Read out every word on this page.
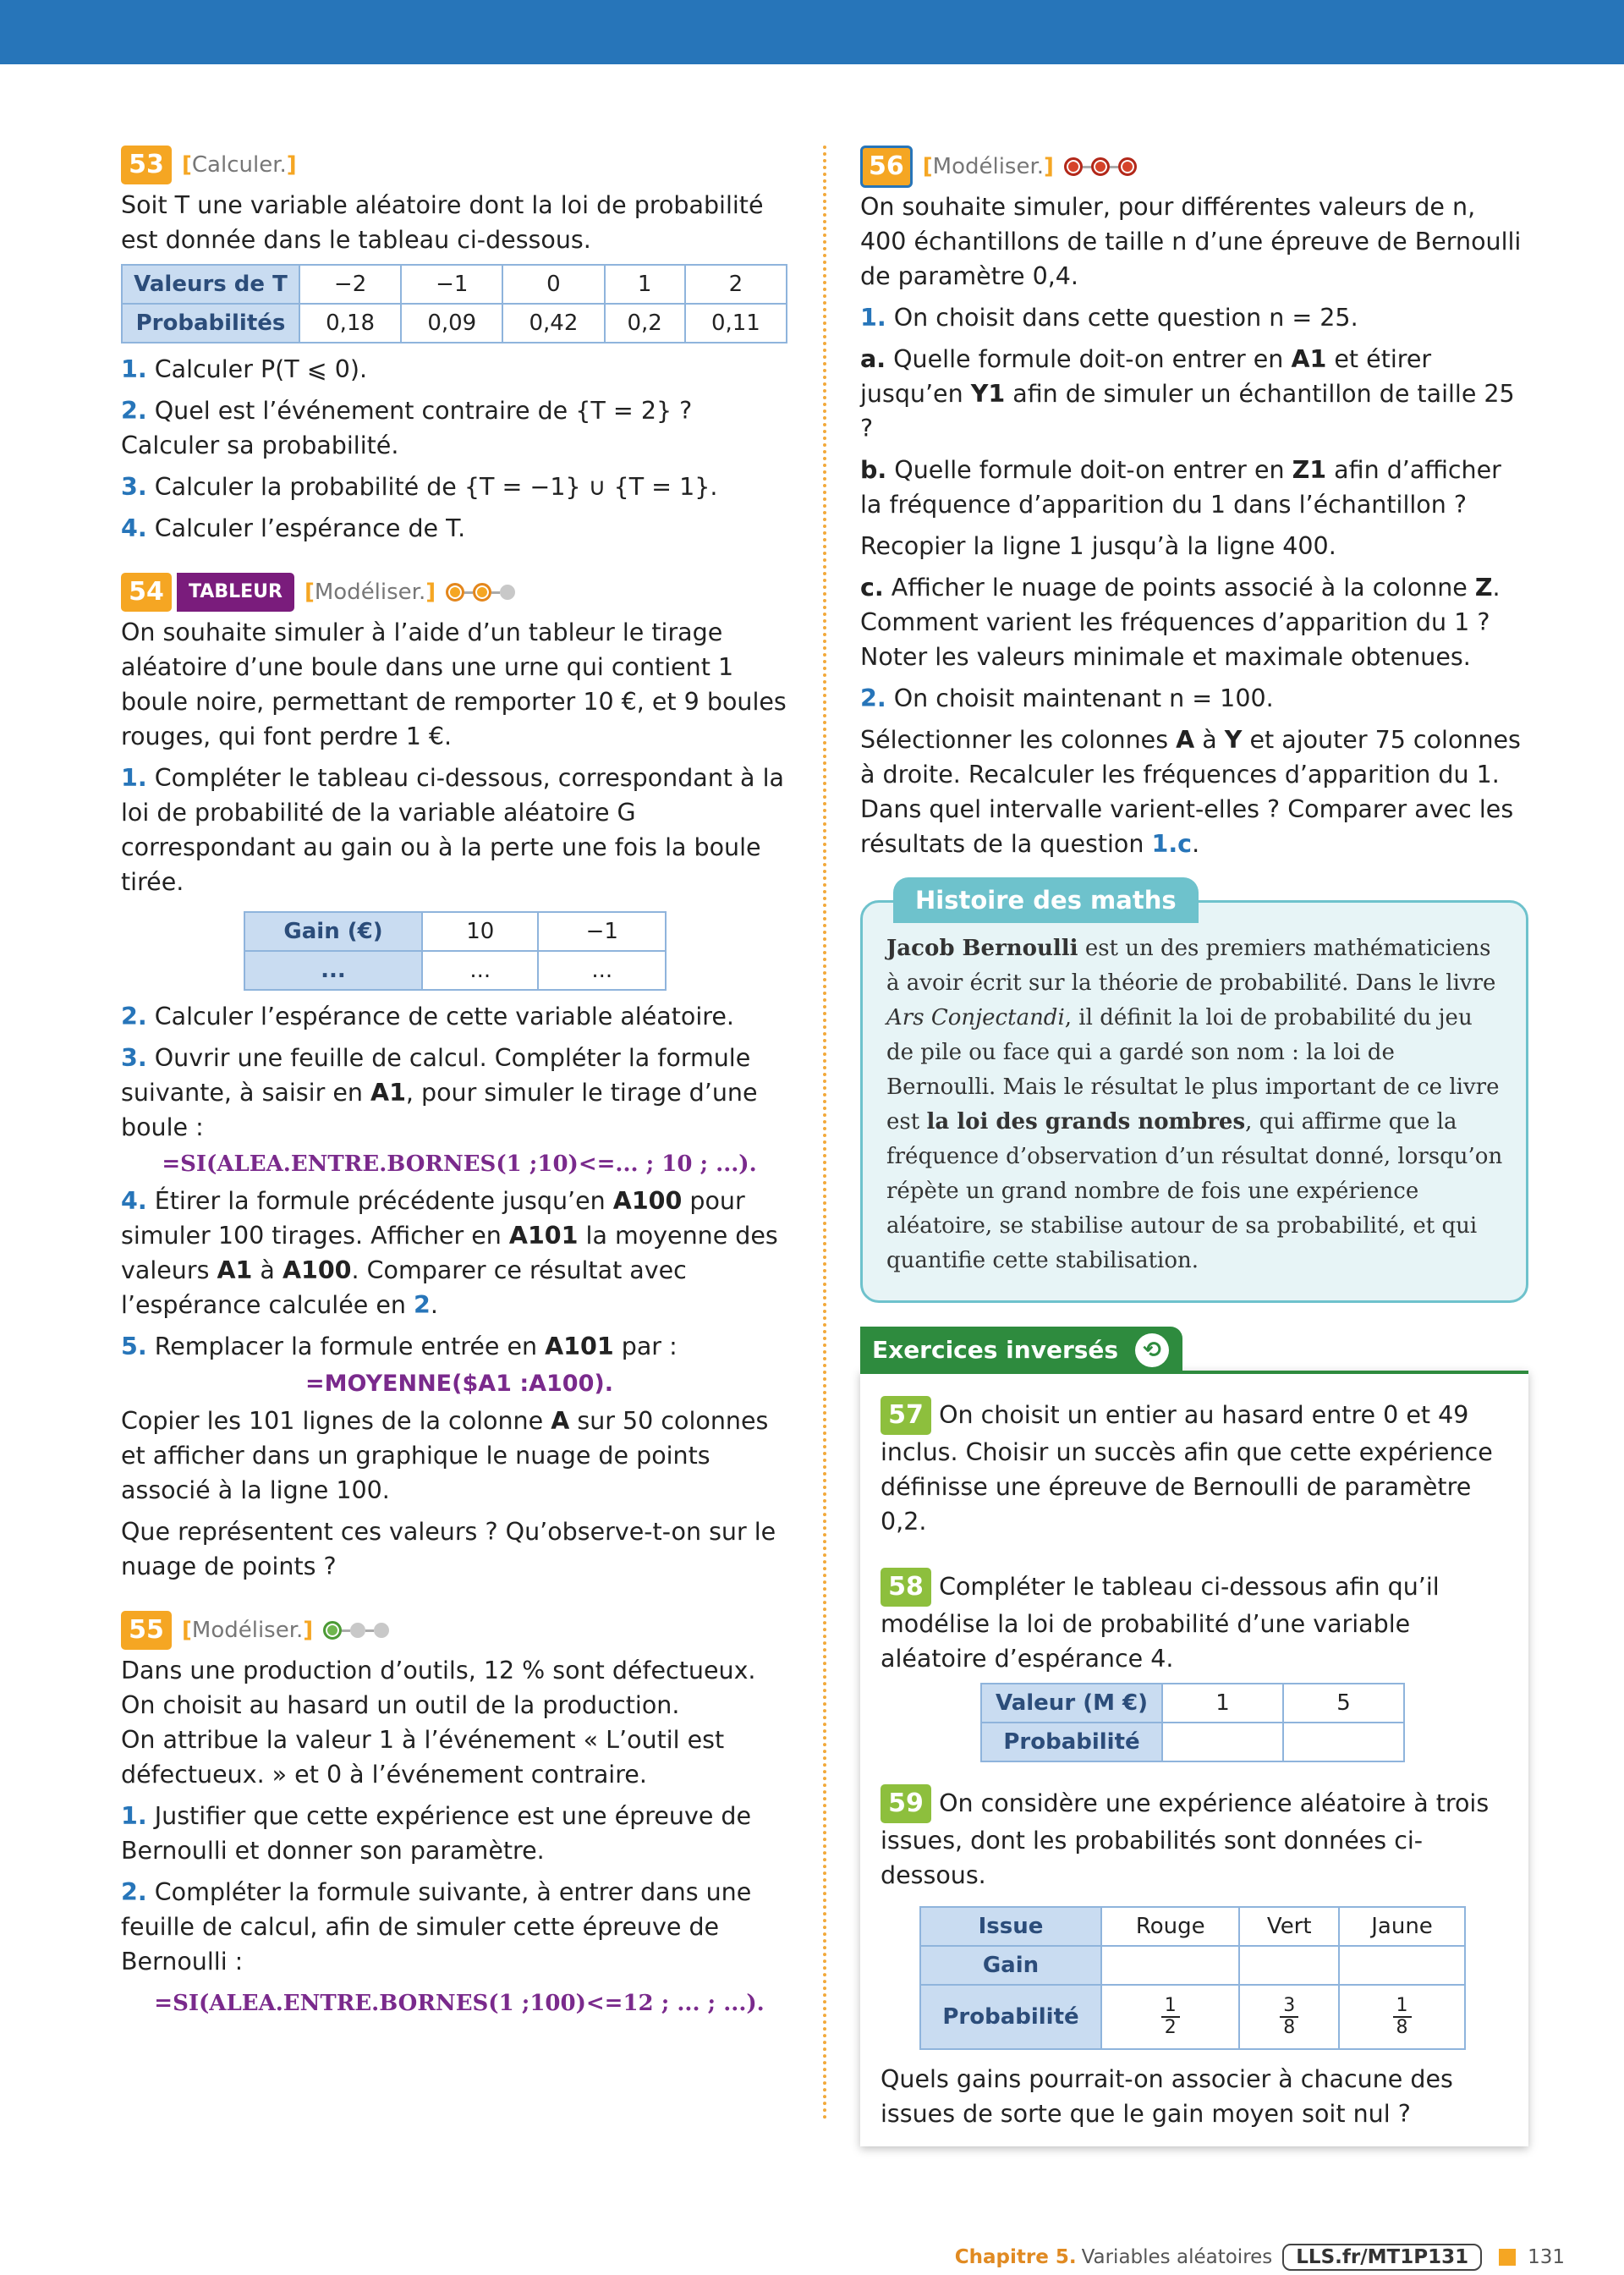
53 [Calculer.]
Soit T une variable aléatoire dont la loi de probabilité est donnée dans le tableau ci-dessous.
Valeurs de T	−2	−1	0	1	2
Probabilités	0,18	0,09	0,42	0,2	0,11
1. Calculer P(T ⩽ 0).
2. Quel est l’événement contraire de {T = 2} ? Calculer sa probabilité.
3. Calculer la probabilité de {T = −1} ∪ {T = 1}.
4. Calculer l’espérance de T.
54	TABLEUR	[Modéliser.]
On souhaite simuler à l’aide d’un tableur le tirage aléatoire d’une boule dans une urne qui contient 1 boule noire, permettant de remporter 10 €, et 9 boules rouges, qui font perdre 1 €.
1. Compléter le tableau ci-dessous, correspondant à la loi de probabilité de la variable aléatoire G correspondant au gain ou à la perte une fois la boule tirée.
Gain (€)	10	−1
...	...	...
2. Calculer l’espérance de cette variable aléatoire.
3. Ouvrir une feuille de calcul. Compléter la formule suivante, à saisir en A1, pour simuler le tirage d’une boule :
=SI(ALEA.ENTRE.BORNES(1 ;10)<=... ; 10 ; ...).
4. Étirer la formule précédente jusqu’en A100 pour simuler 100 tirages. Afficher en A101 la moyenne des valeurs A1 à A100. Comparer ce résultat avec l’espérance calculée en 2.
5. Remplacer la formule entrée en A101 par :
=MOYENNE($A1 :A100).
Copier les 101 lignes de la colonne A sur 50 colonnes et afficher dans un graphique le nuage de points associé à la ligne 100.
Que représentent ces valeurs ? Qu’observe-t-on sur le nuage de points ?
55 [Modéliser.]
Dans une production d’outils, 12 % sont défectueux. On choisit au hasard un outil de la production.
On attribue la valeur 1 à l’événement « L’outil est défectueux. » et 0 à l’événement contraire.
1. Justifier que cette expérience est une épreuve de Bernoulli et donner son paramètre.
2. Compléter la formule suivante, à entrer dans une feuille de calcul, afin de simuler cette épreuve de Bernoulli :
=SI(ALEA.ENTRE.BORNES(1 ;100)<=12 ; ... ; ...).
56 [Modéliser.]
On souhaite simuler, pour différentes valeurs de n, 400 échantillons de taille n d’une épreuve de Bernoulli de paramètre 0,4.
1. On choisit dans cette question n = 25.
a. Quelle formule doit-on entrer en A1 et étirer jusqu’en Y1 afin de simuler un échantillon de taille 25 ?
b. Quelle formule doit-on entrer en Z1 afin d’afficher la fréquence d’apparition du 1 dans l’échantillon ?
Recopier la ligne 1 jusqu’à la ligne 400.
c. Afficher le nuage de points associé à la colonne Z. Comment varient les fréquences d’apparition du 1 ? Noter les valeurs minimale et maximale obtenues.
2. On choisit maintenant n = 100.
Sélectionner les colonnes A à Y et ajouter 75 colonnes à droite. Recalculer les fréquences d’apparition du 1. Dans quel intervalle varient-elles ? Comparer avec les résultats de la question 1.c.
Histoire des maths
Jacob Bernoulli est un des premiers mathématiciens à avoir écrit sur la théorie de probabilité. Dans le livre Ars Conjectandi, il définit la loi de probabilité du jeu de pile ou face qui a gardé son nom : la loi de Bernoulli. Mais le résultat le plus important de ce livre est la loi des grands nombres, qui affirme que la fréquence d’observation d’un résultat donné, lorsqu’on répète un grand nombre de fois une expérience aléatoire, se stabilise autour de sa probabilité, et qui quantifie cette stabilisation.
Exercices inversés	⟲
57 On choisit un entier au hasard entre 0 et 49 inclus. Choisir un succès afin que cette expérience définisse une épreuve de Bernoulli de paramètre 0,2.
58 Compléter le tableau ci-dessous afin qu’il modélise la loi de probabilité d’une variable aléatoire d’espérance 4.
Valeur (M €)	1	5
Probabilité		
59 On considère une expérience aléatoire à trois issues, dont les probabilités sont données ci-dessous.
Issue	Rouge	Vert	Jaune
Gain			
Probabilité	$\frac{1}{2}$	$\frac{3}{8}$	$\frac{1}{8}$
Quels gains pourrait-on associer à chacune des issues de sorte que le gain moyen soit nul ?
Chapitre 5. Variables aléatoires	LLS.fr/MT1P131	131
